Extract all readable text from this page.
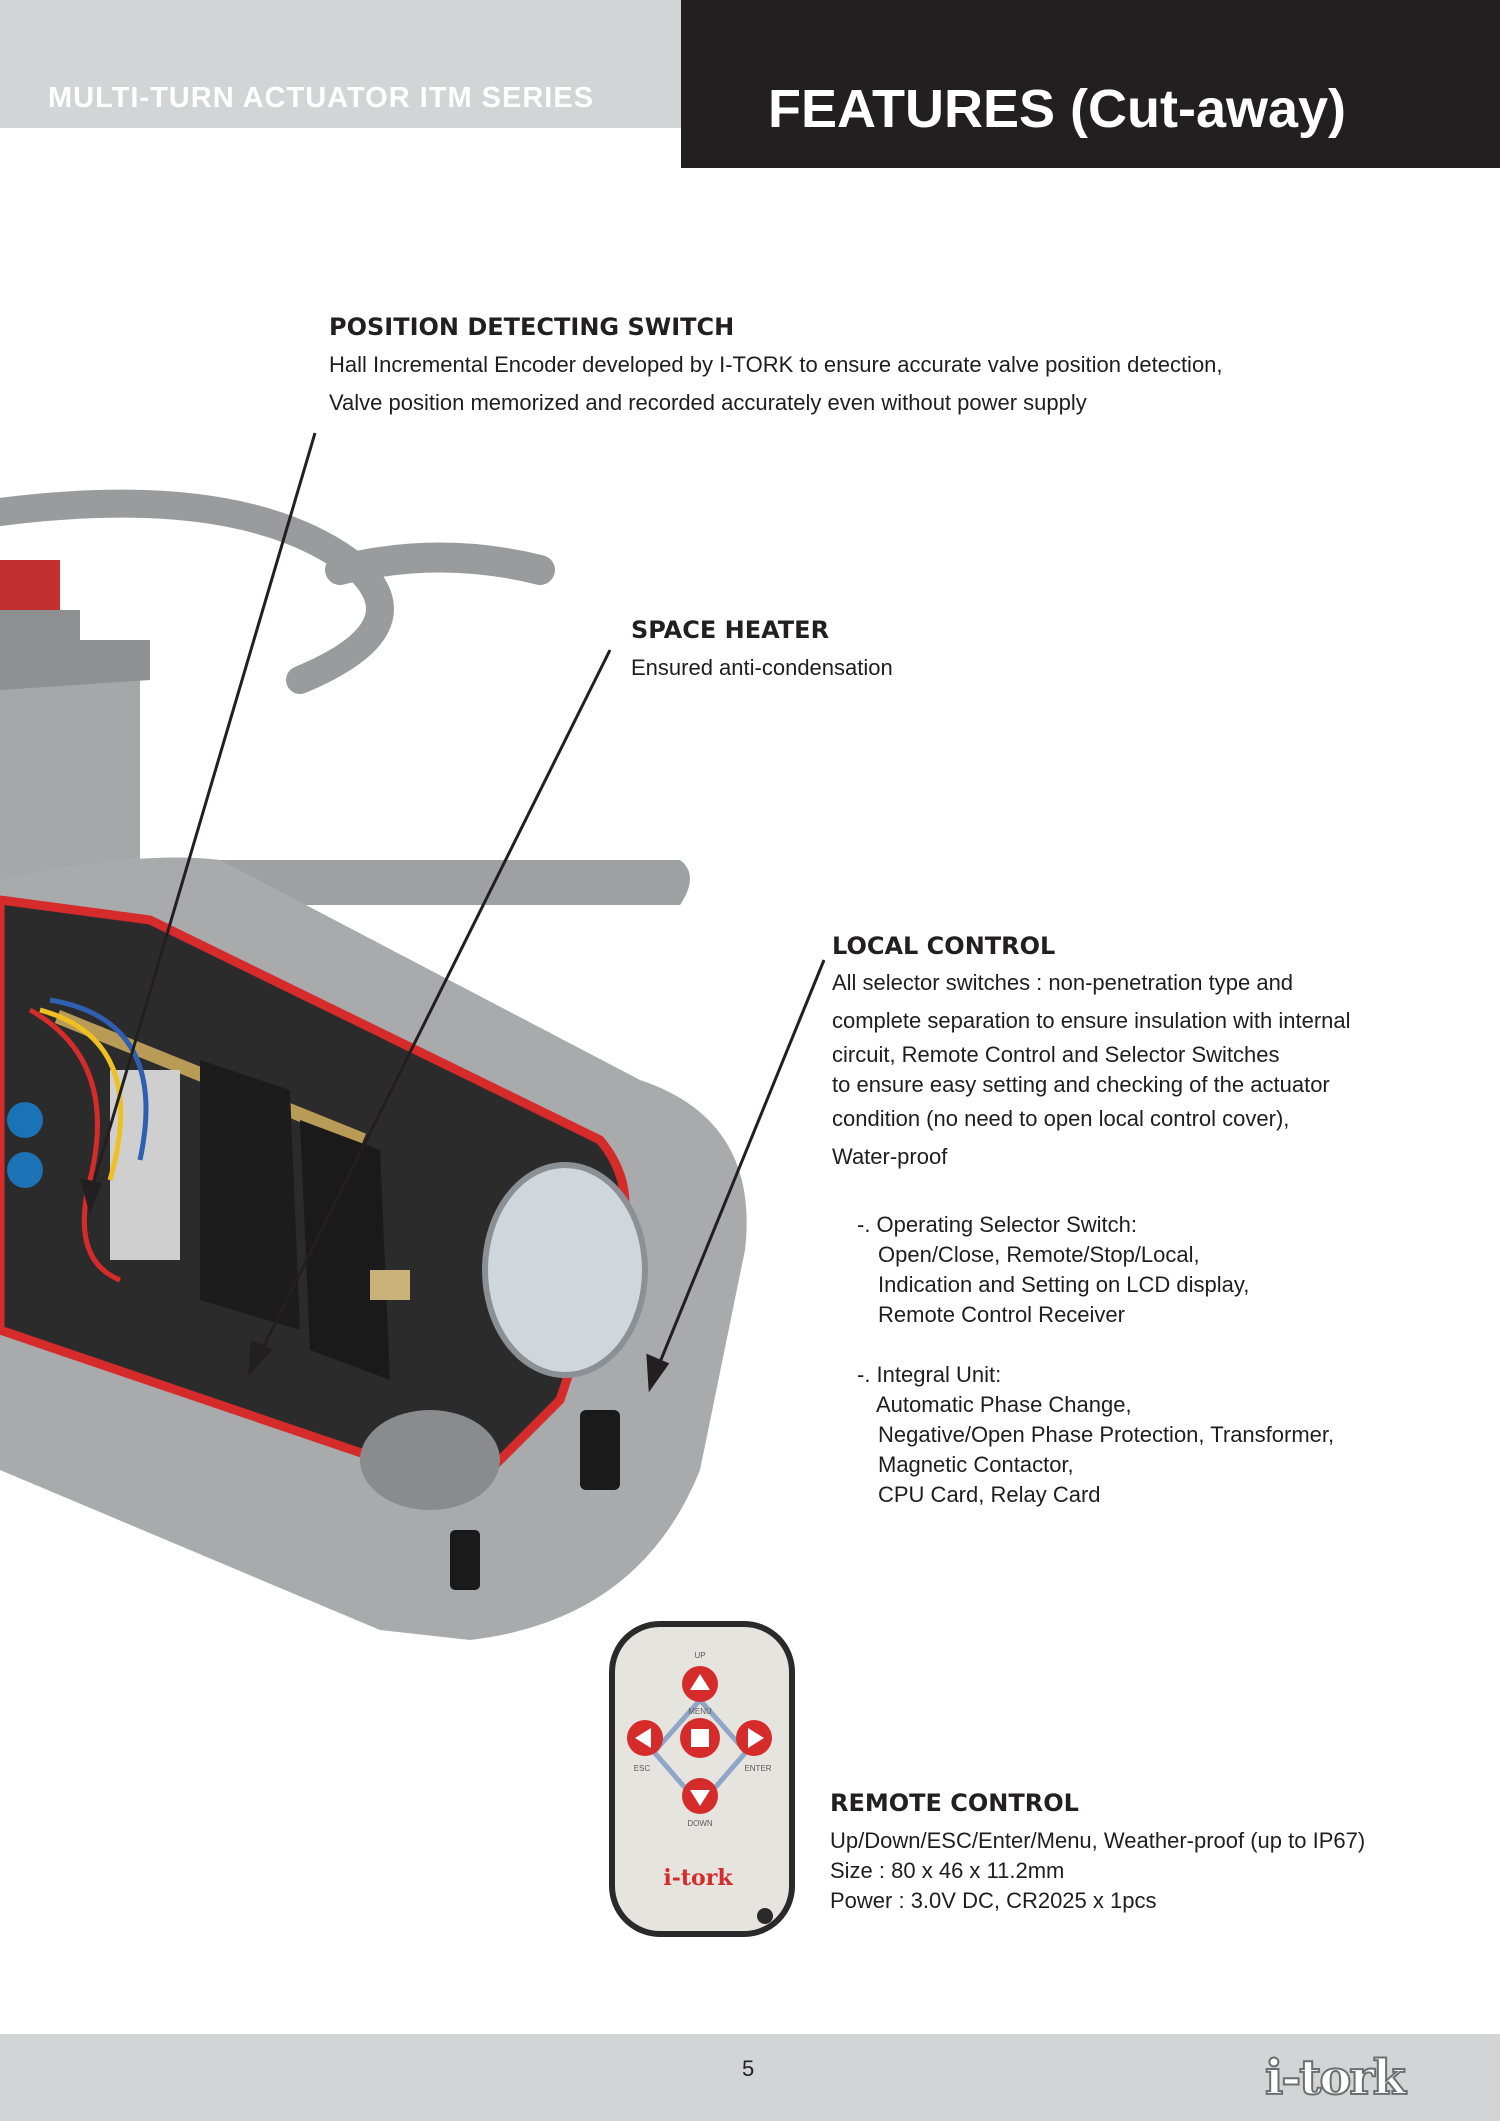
MULTI-TURN ACTUATOR ITM SERIES	FEATURES (Cut-away)
UP
MENU
ESC	ENTER
DOWN
i-tork
POSITION DETECTING SWITCH
Hall Incremental Encoder developed by I-TORK to ensure accurate valve position detection,
Valve position memorized and recorded accurately even without power supply
SPACE HEATER
Ensured anti-condensation
LOCAL CONTROL
All selector switches : non-penetration type and
complete separation to ensure insulation with internal
circuit, Remote Control and Selector Switches
to ensure easy setting and checking of the actuator
condition (no need to open local control cover),
Water-proof
-. Operating Selector Switch:
Open/Close, Remote/Stop/Local,
Indication and Setting on LCD display,
Remote Control Receiver
-. Integral Unit:
Automatic Phase Change,
Negative/Open Phase Protection, Transformer,
Magnetic Contactor,
CPU Card, Relay Card
REMOTE CONTROL
Up/Down/ESC/Enter/Menu, Weather-proof (up to IP67)
Size : 80 x 46 x 11.2mm
Power : 3.0V DC, CR2025 x 1pcs
5	i-tork
